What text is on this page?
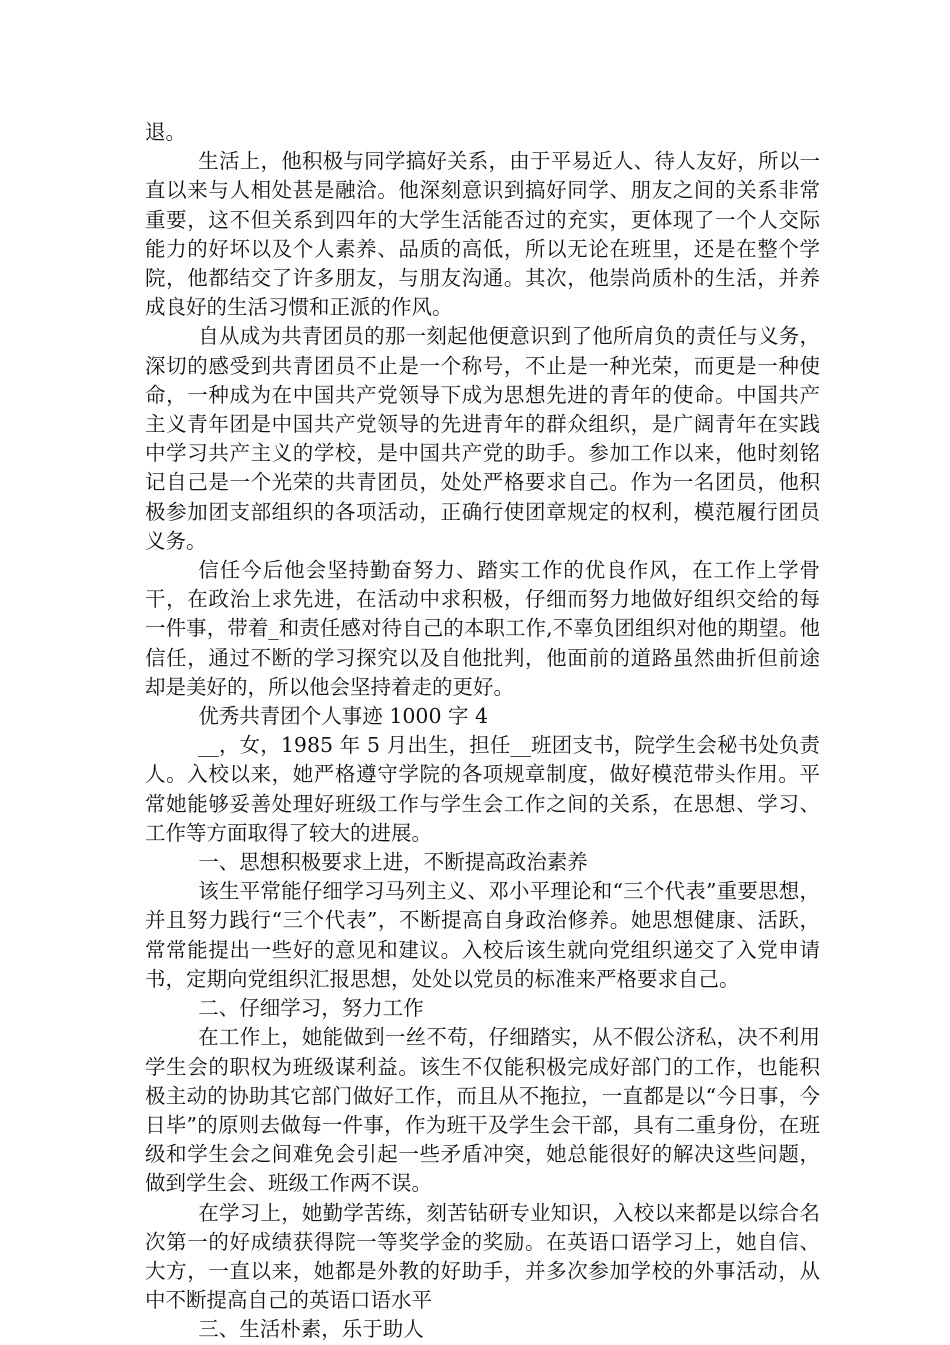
退。

生活上，他积极与同学搞好关系，由于平易近人、待人友好，所以一直以来与人相处甚是融洽。他深刻意识到搞好同学、朋友之间的关系非常重要，这不但关系到四年的大学生活能否过的充实，更体现了一个人交际能力的好坏以及个人素养、品质的高低，所以无论在班里，还是在整个学院，他都结交了许多朋友，与朋友沟通。其次，他崇尚质朴的生活，并养成良好的生活习惯和正派的作风。

自从成为共青团员的那一刻起他便意识到了他所肩负的责任与义务，深切的感受到共青团员不止是一个称号，不止是一种光荣，而更是一种使命，一种成为在中国共产党领导下成为思想先进的青年的使命。中国共产主义青年团是中国共产党领导的先进青年的群众组织，是广阔青年在实践中学习共产主义的学校，是中国共产党的助手。参加工作以来，他时刻铭记自己是一个光荣的共青团员，处处严格要求自己。作为一名团员，他积极参加团支部组织的各项活动，正确行使团章规定的权利，模范履行团员义务。

信任今后他会坚持勤奋努力、踏实工作的优良作风，在工作上学骨干，在政治上求先进，在活动中求积极，仔细而努力地做好组织交给的每一件事，带着_和责任感对待自己的本职工作,不辜负团组织对他的期望。他信任，通过不断的学习探究以及自他批判，他面前的道路虽然曲折但前途却是美好的，所以他会坚持着走的更好。

优秀共青团个人事迹 1000 字 4

__，女，1985 年 5 月出生，担任__班团支书，院学生会秘书处负责人。入校以来，她严格遵守学院的各项规章制度，做好模范带头作用。平常她能够妥善处理好班级工作与学生会工作之间的关系，在思想、学习、工作等方面取得了较大的进展。

一、思想积极要求上进，不断提高政治素养

该生平常能仔细学习马列主义、邓小平理论和“三个代表”重要思想，并且努力践行“三个代表”，不断提高自身政治修养。她思想健康、活跃，常常能提出一些好的意见和建议。入校后该生就向党组织递交了入党申请书，定期向党组织汇报思想，处处以党员的标准来严格要求自己。

二、仔细学习，努力工作

在工作上，她能做到一丝不苟，仔细踏实，从不假公济私，决不利用学生会的职权为班级谋利益。该生不仅能积极完成好部门的工作，也能积极主动的协助其它部门做好工作，而且从不拖拉，一直都是以“今日事，今日毕”的原则去做每一件事，作为班干及学生会干部，具有二重身份，在班级和学生会之间难免会引起一些矛盾冲突，她总能很好的解决这些问题，做到学生会、班级工作两不误。

在学习上，她勤学苦练，刻苦钻研专业知识，入校以来都是以综合名次第一的好成绩获得院一等奖学金的奖励。在英语口语学习上，她自信、大方，一直以来，她都是外教的好助手，并多次参加学校的外事活动，从中不断提高自己的英语口语水平

三、生活朴素，乐于助人
